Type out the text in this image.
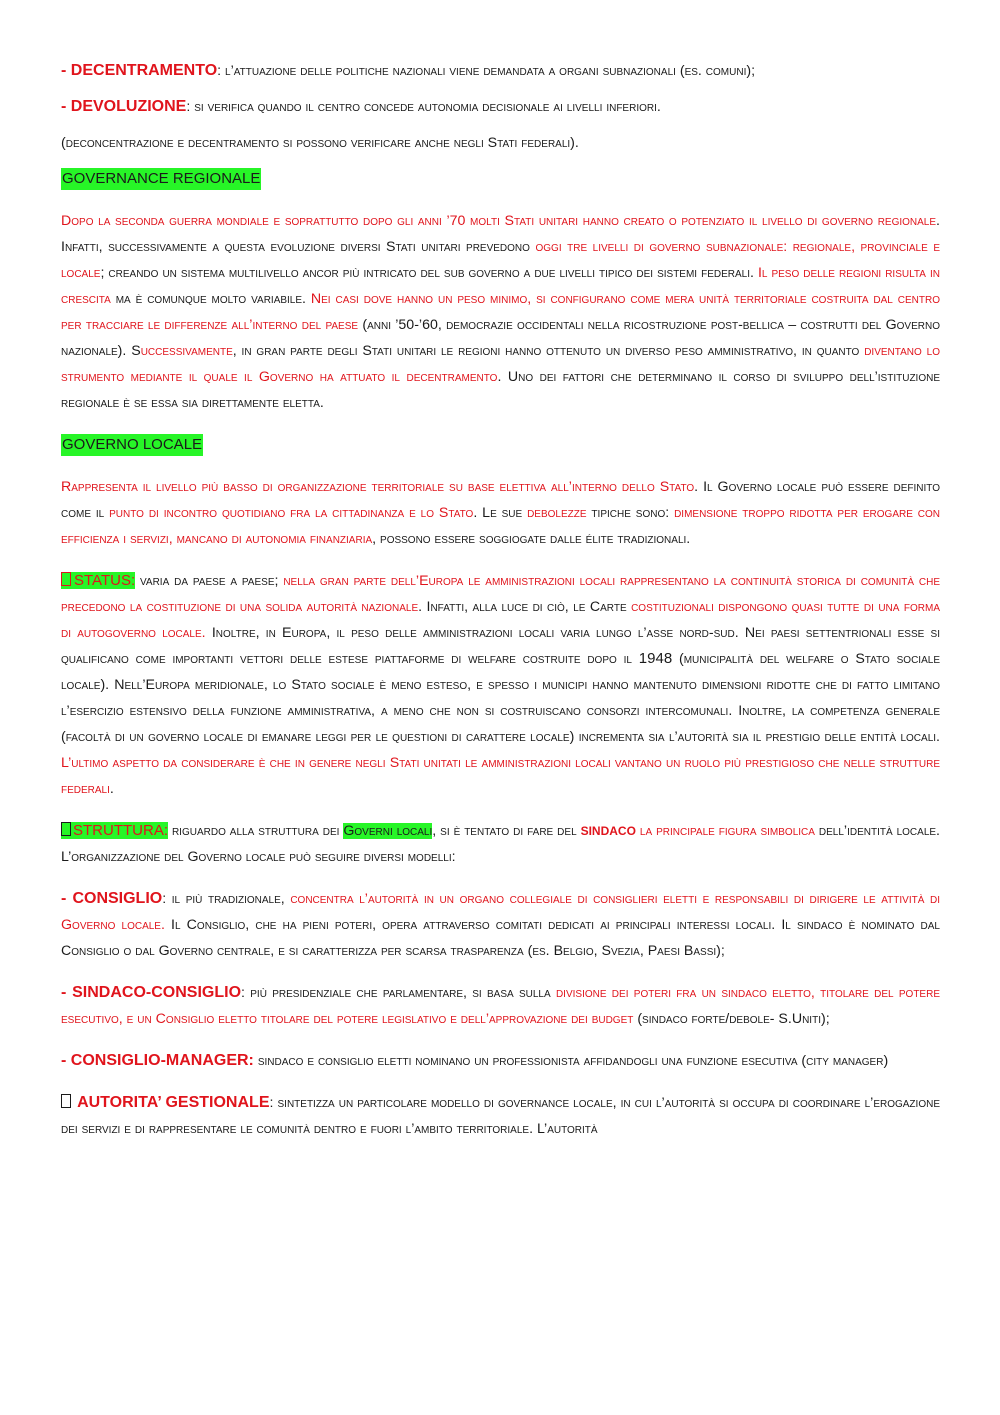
- DECENTRAMENTO: l’attuazione delle politiche nazionali viene demandata a organi subnazionali (es. comuni);

- DEVOLUZIONE: si verifica quando il centro concede autonomia decisionale ai livelli inferiori.

(deconcentrazione e decentramento si possono verificare anche negli Stati federali).

GOVERNANCE REGIONALE

Dopo la seconda guerra mondiale e soprattutto dopo gli anni ’70 molti Stati unitari hanno creato o potenziato il livello di governo regionale. Infatti, successivamente a questa evoluzione diversi Stati unitari prevedono oggi tre livelli di governo subnazionale: regionale, provinciale e locale; creando un sistema multilivello ancor più intricato del sub governo a due livelli tipico dei sistemi federali. Il peso delle regioni risulta in crescita ma è comunque molto variabile. Nei casi dove hanno un peso minimo, si configurano come mera unità territoriale costruita dal centro per tracciare le differenze all’interno del paese (anni ’50-’60, democrazie occidentali nella ricostruzione post-bellica – costrutti del Governo nazionale). Successivamente, in gran parte degli Stati unitari le regioni hanno ottenuto un diverso peso amministrativo, in quanto diventano lo strumento mediante il quale il Governo ha attuato il decentramento. Uno dei fattori che determinano il corso di sviluppo dell’istituzione regionale è se essa sia direttamente eletta.

GOVERNO LOCALE

Rappresenta il livello più basso di organizzazione territoriale su base elettiva all’interno dello Stato. Il Governo locale può essere definito come il punto di incontro quotidiano fra la cittadinanza e lo Stato. Le sue debolezze tipiche sono: dimensione troppo ridotta per erogare con efficienza i servizi, mancano di autonomia finanziaria, possono essere soggiogate dalle élite tradizionali.

STATUS: varia da paese a paese; nella gran parte dell’Europa le amministrazioni locali rappresentano la continuità storica di comunità che precedono la costituzione di una solida autorità nazionale. Infatti, alla luce di ciò, le Carte costituzionali dispongono quasi tutte di una forma di autogoverno locale. Inoltre, in Europa, il peso delle amministrazioni locali varia lungo l’asse nord-sud. Nei paesi settentrionali esse si qualificano come importanti vettori delle estese piattaforme di welfare costruite dopo il 1948 (municipalità del welfare o Stato sociale locale). Nell’Europa meridionale, lo Stato sociale è meno esteso, e spesso i municipi hanno mantenuto dimensioni ridotte che di fatto limitano l’esercizio estensivo della funzione amministrativa, a meno che non si costruiscano consorzi intercomunali. Inoltre, la competenza generale (facoltà di un governo locale di emanare leggi per le questioni di carattere locale) incrementa sia l’autorità sia il prestigio delle entità locali. L’ultimo aspetto da considerare è che in genere negli Stati unitati le amministrazioni locali vantano un ruolo più prestigioso che nelle strutture federali.

STRUTTURA: riguardo alla struttura dei Governi locali, si è tentato di fare del SINDACO la principale figura simbolica dell’identità locale. L’organizzazione del Governo locale può seguire diversi modelli:

- CONSIGLIO: il più tradizionale, concentra l’autorità in un organo collegiale di consiglieri eletti e responsabili di dirigere le attività di Governo locale. Il Consiglio, che ha pieni poteri, opera attraverso comitati dedicati ai principali interessi locali. Il sindaco è nominato dal Consiglio o dal Governo centrale, e si caratterizza per scarsa trasparenza (es. Belgio, Svezia, Paesi Bassi);

- SINDACO-CONSIGLIO: più presidenziale che parlamentare, si basa sulla divisione dei poteri fra un sindaco eletto, titolare del potere esecutivo, e un Consiglio eletto titolare del potere legislativo e dell’approvazione dei budget (sindaco forte/debole- S.Uniti);

- CONSIGLIO-MANAGER: sindaco e consiglio eletti nominano un professionista affidandogli una funzione esecutiva (city manager)

AUTORITA’ GESTIONALE: sintetizza un particolare modello di governance locale, in cui l’autorità si occupa di coordinare l’erogazione dei servizi e di rappresentare le comunità dentro e fuori l’ambito territoriale. L’autorità
